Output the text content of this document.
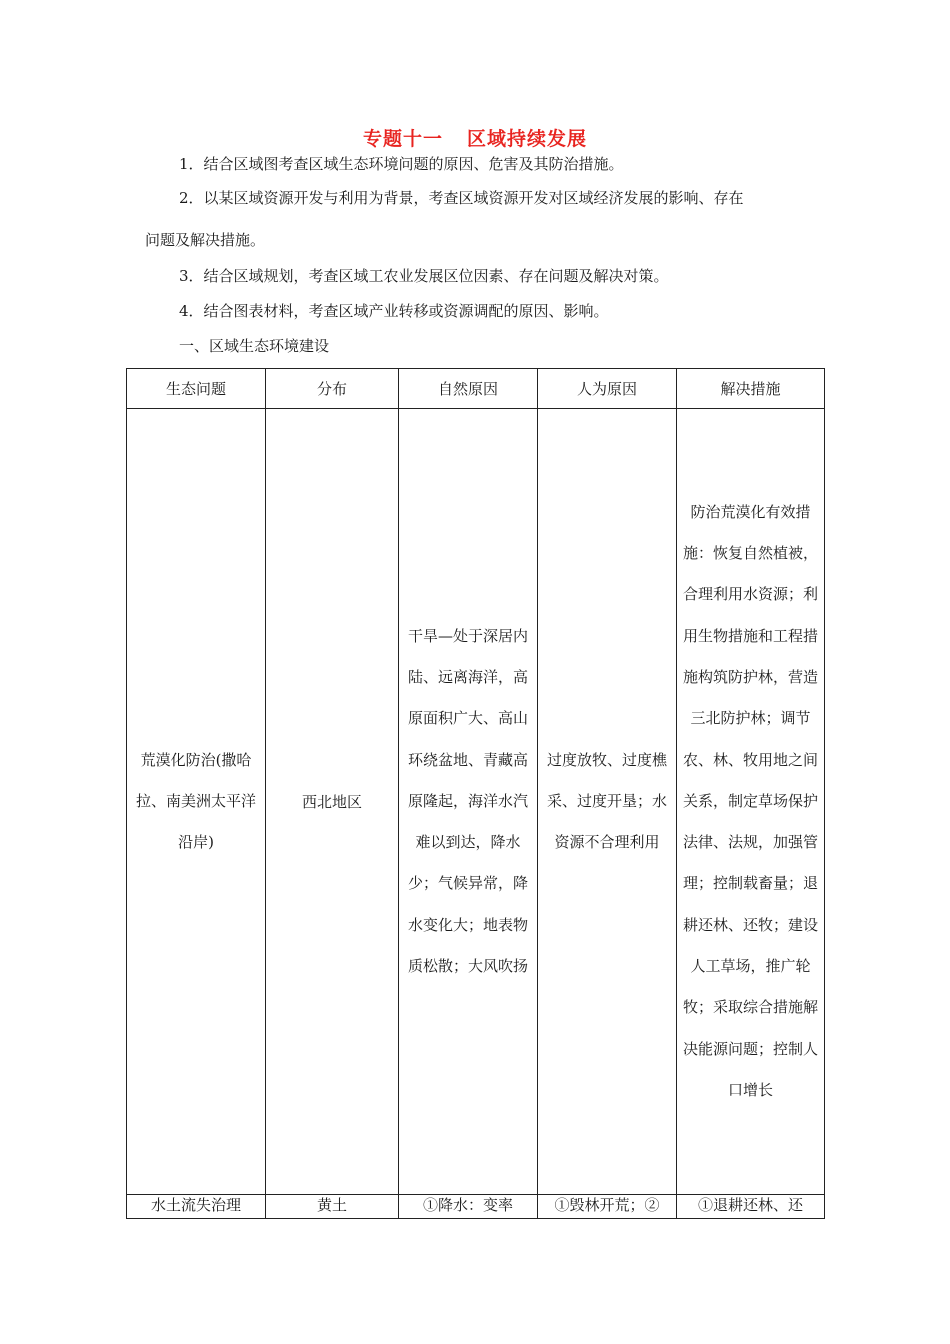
专题十一 区域持续发展

1．结合区域图考查区域生态环境问题的原因、危害及其防治措施。

2．以某区域资源开发与利用为背景，考查区域资源开发对区域经济发展的影响、存在

问题及解决措施。

3．结合区域规划，考查区域工农业发展区位因素、存在问题及解决对策。

4．结合图表材料，考查区域产业转移或资源调配的原因、影响。

一、区域生态环境建设

生态问题	分布	自然原因	人为原因	解决措施

荒漠化防治(撒哈拉、南美洲太平洋沿岸)	西北地区	干旱—处于深居内陆、远离海洋，高原面积广大、高山环绕盆地、青藏高原隆起，海洋水汽难以到达，降水少；气候异常，降水变化大；地表物质松散；大风吹扬	过度放牧、过度樵采、过度开垦；水资源不合理利用	防治荒漠化有效措施：恢复自然植被，合理利用水资源；利用生物措施和工程措施构筑防护林，营造三北防护林；调节农、林、牧用地之间关系，制定草场保护法律、法规，加强管理；控制载畜量；退耕还林、还牧；建设人工草场，推广轮牧；采取综合措施解决能源问题；控制人口增长

水土流失治理	黄土	①降水：变率	①毁林开荒；②	①退耕还林、还
